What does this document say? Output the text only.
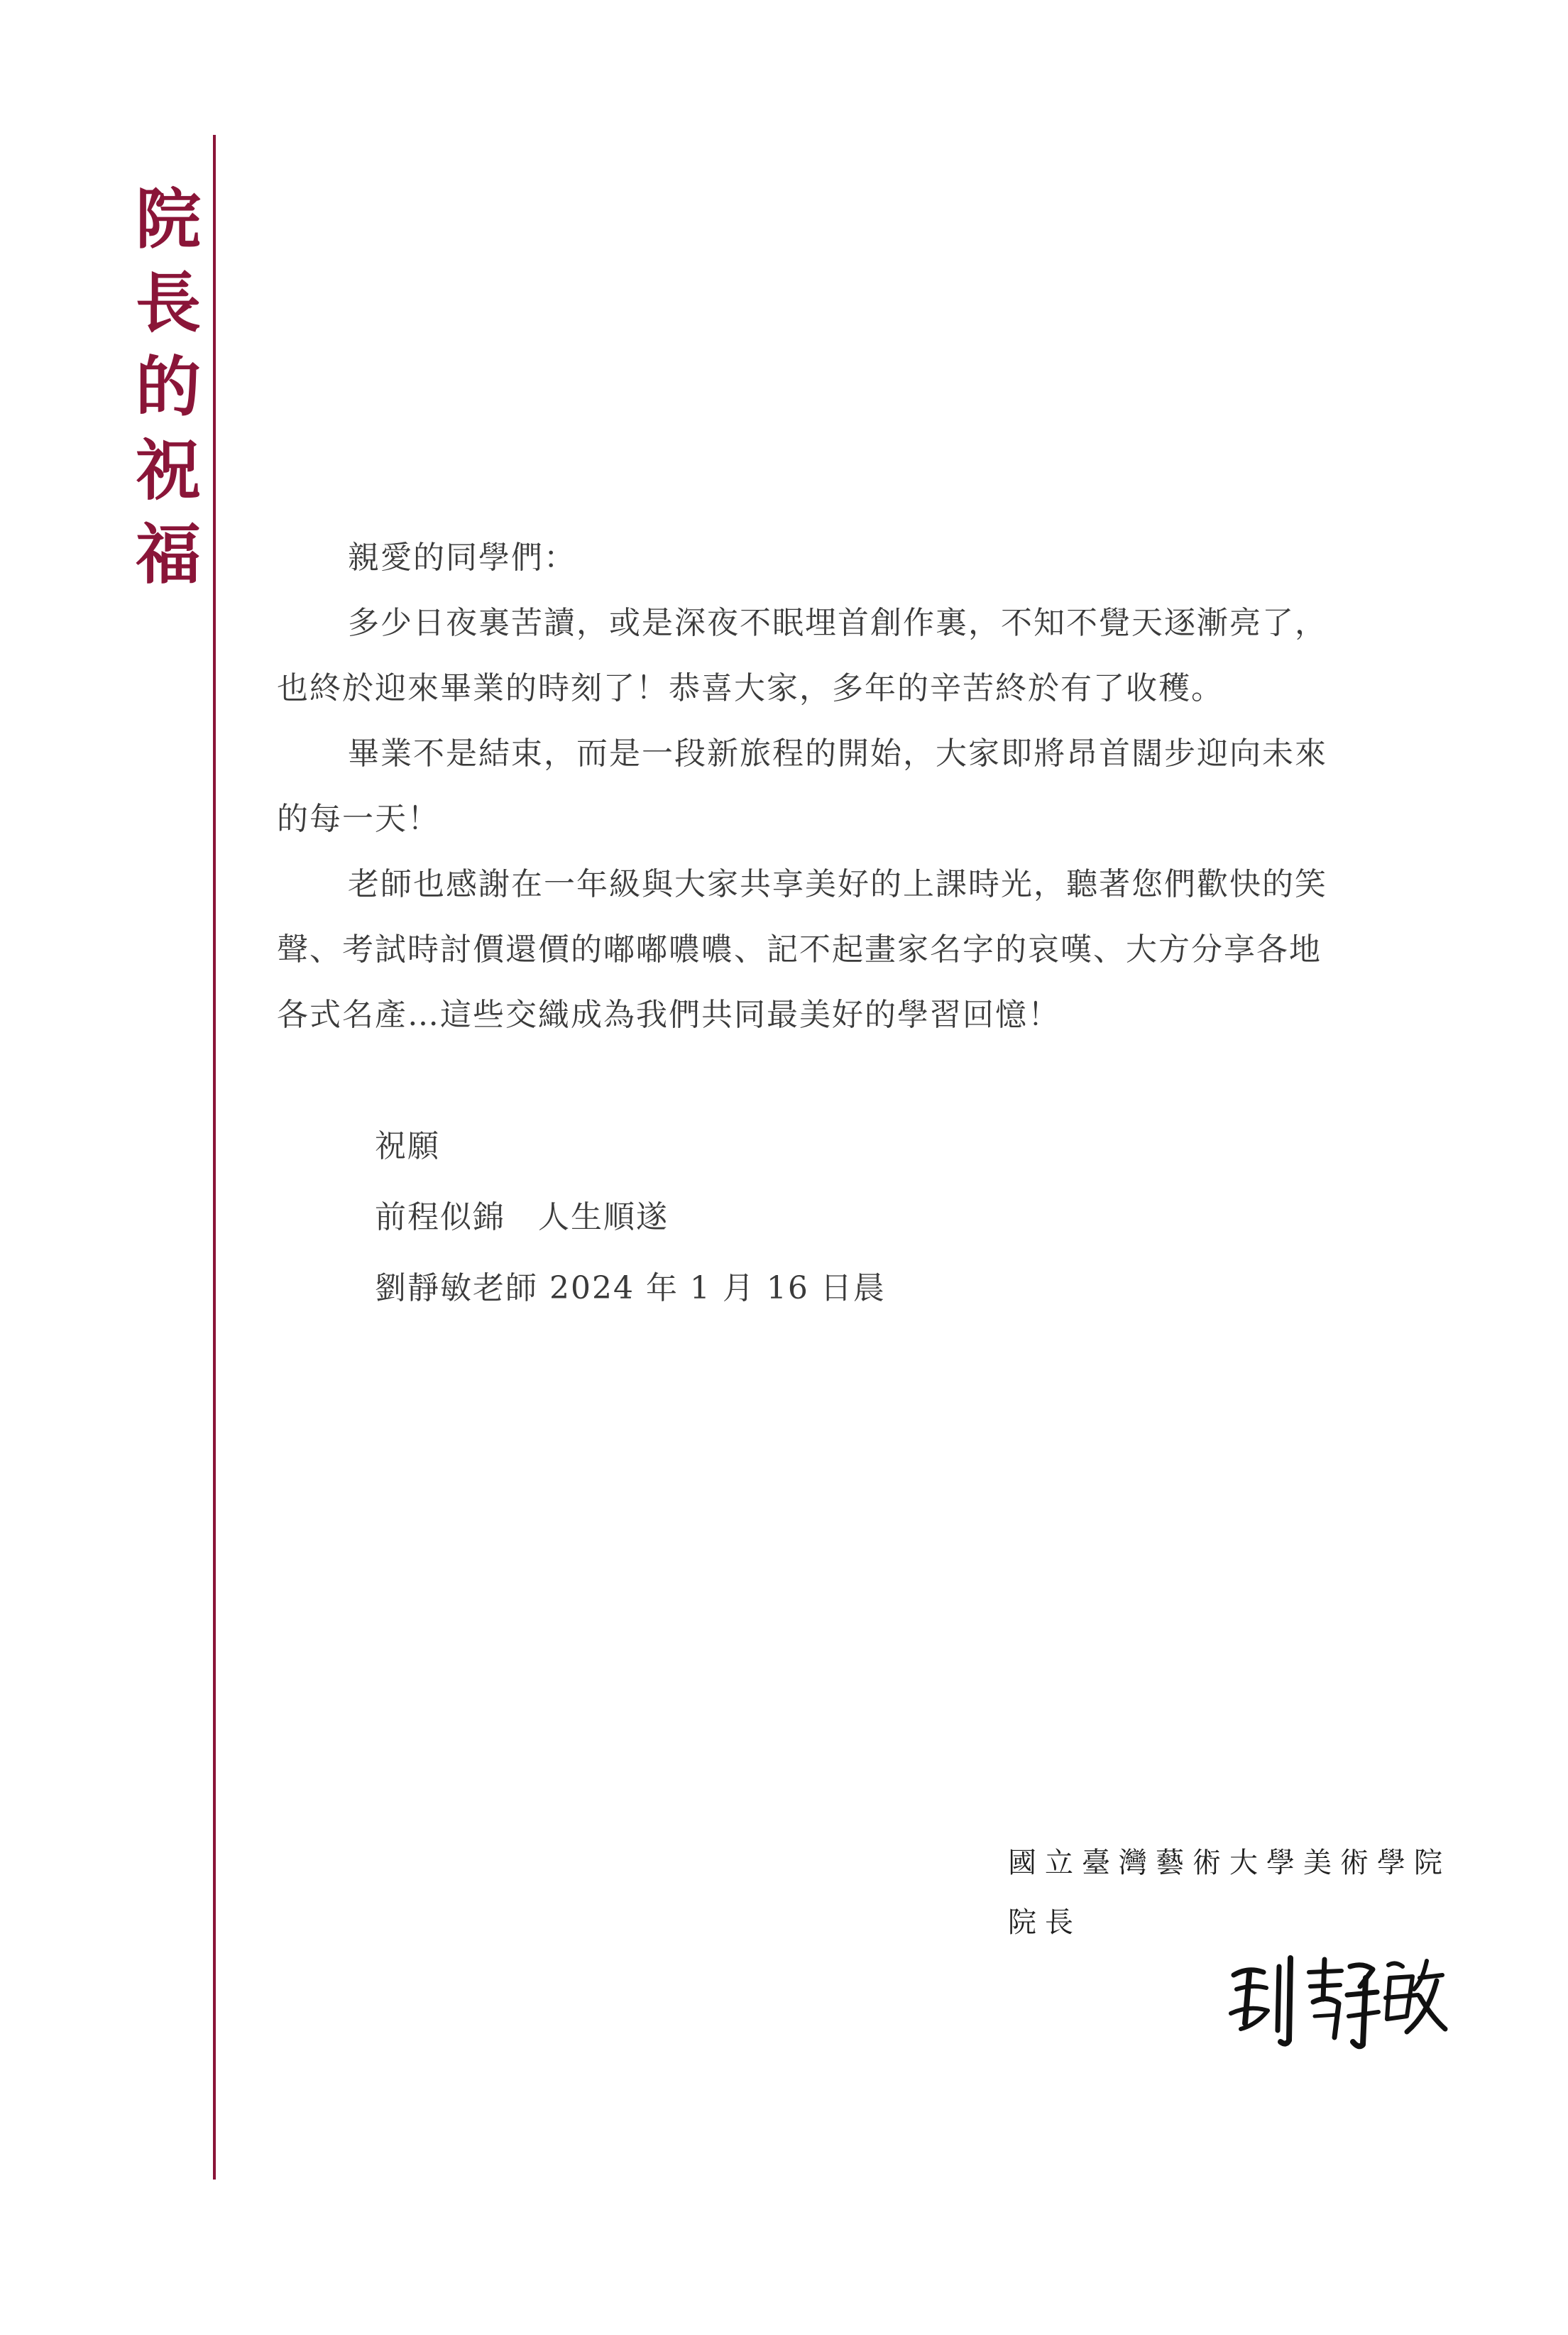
院
長
的
祝
福	親愛的同學們：

多少日夜裏苦讀，或是深夜不眠埋首創作裏，不知不覺天逐漸亮了，
也終於迎來畢業的時刻了！恭喜大家，多年的辛苦終於有了收穫。

畢業不是結束，而是一段新旅程的開始，大家即將昂首闊步迎向未來
的每一天！

老師也感謝在一年級與大家共享美好的上課時光，聽著您們歡快的笑
聲、考試時討價還價的嘟嘟噥噥、記不起畫家名字的哀嘆、大方分享各地
各式名產…這些交織成為我們共同最美好的學習回憶！

祝願
前程似錦　人生順遂
劉靜敏老師 2024 年 1 月 16 日晨
國立臺灣藝術大學美術學院
院長
